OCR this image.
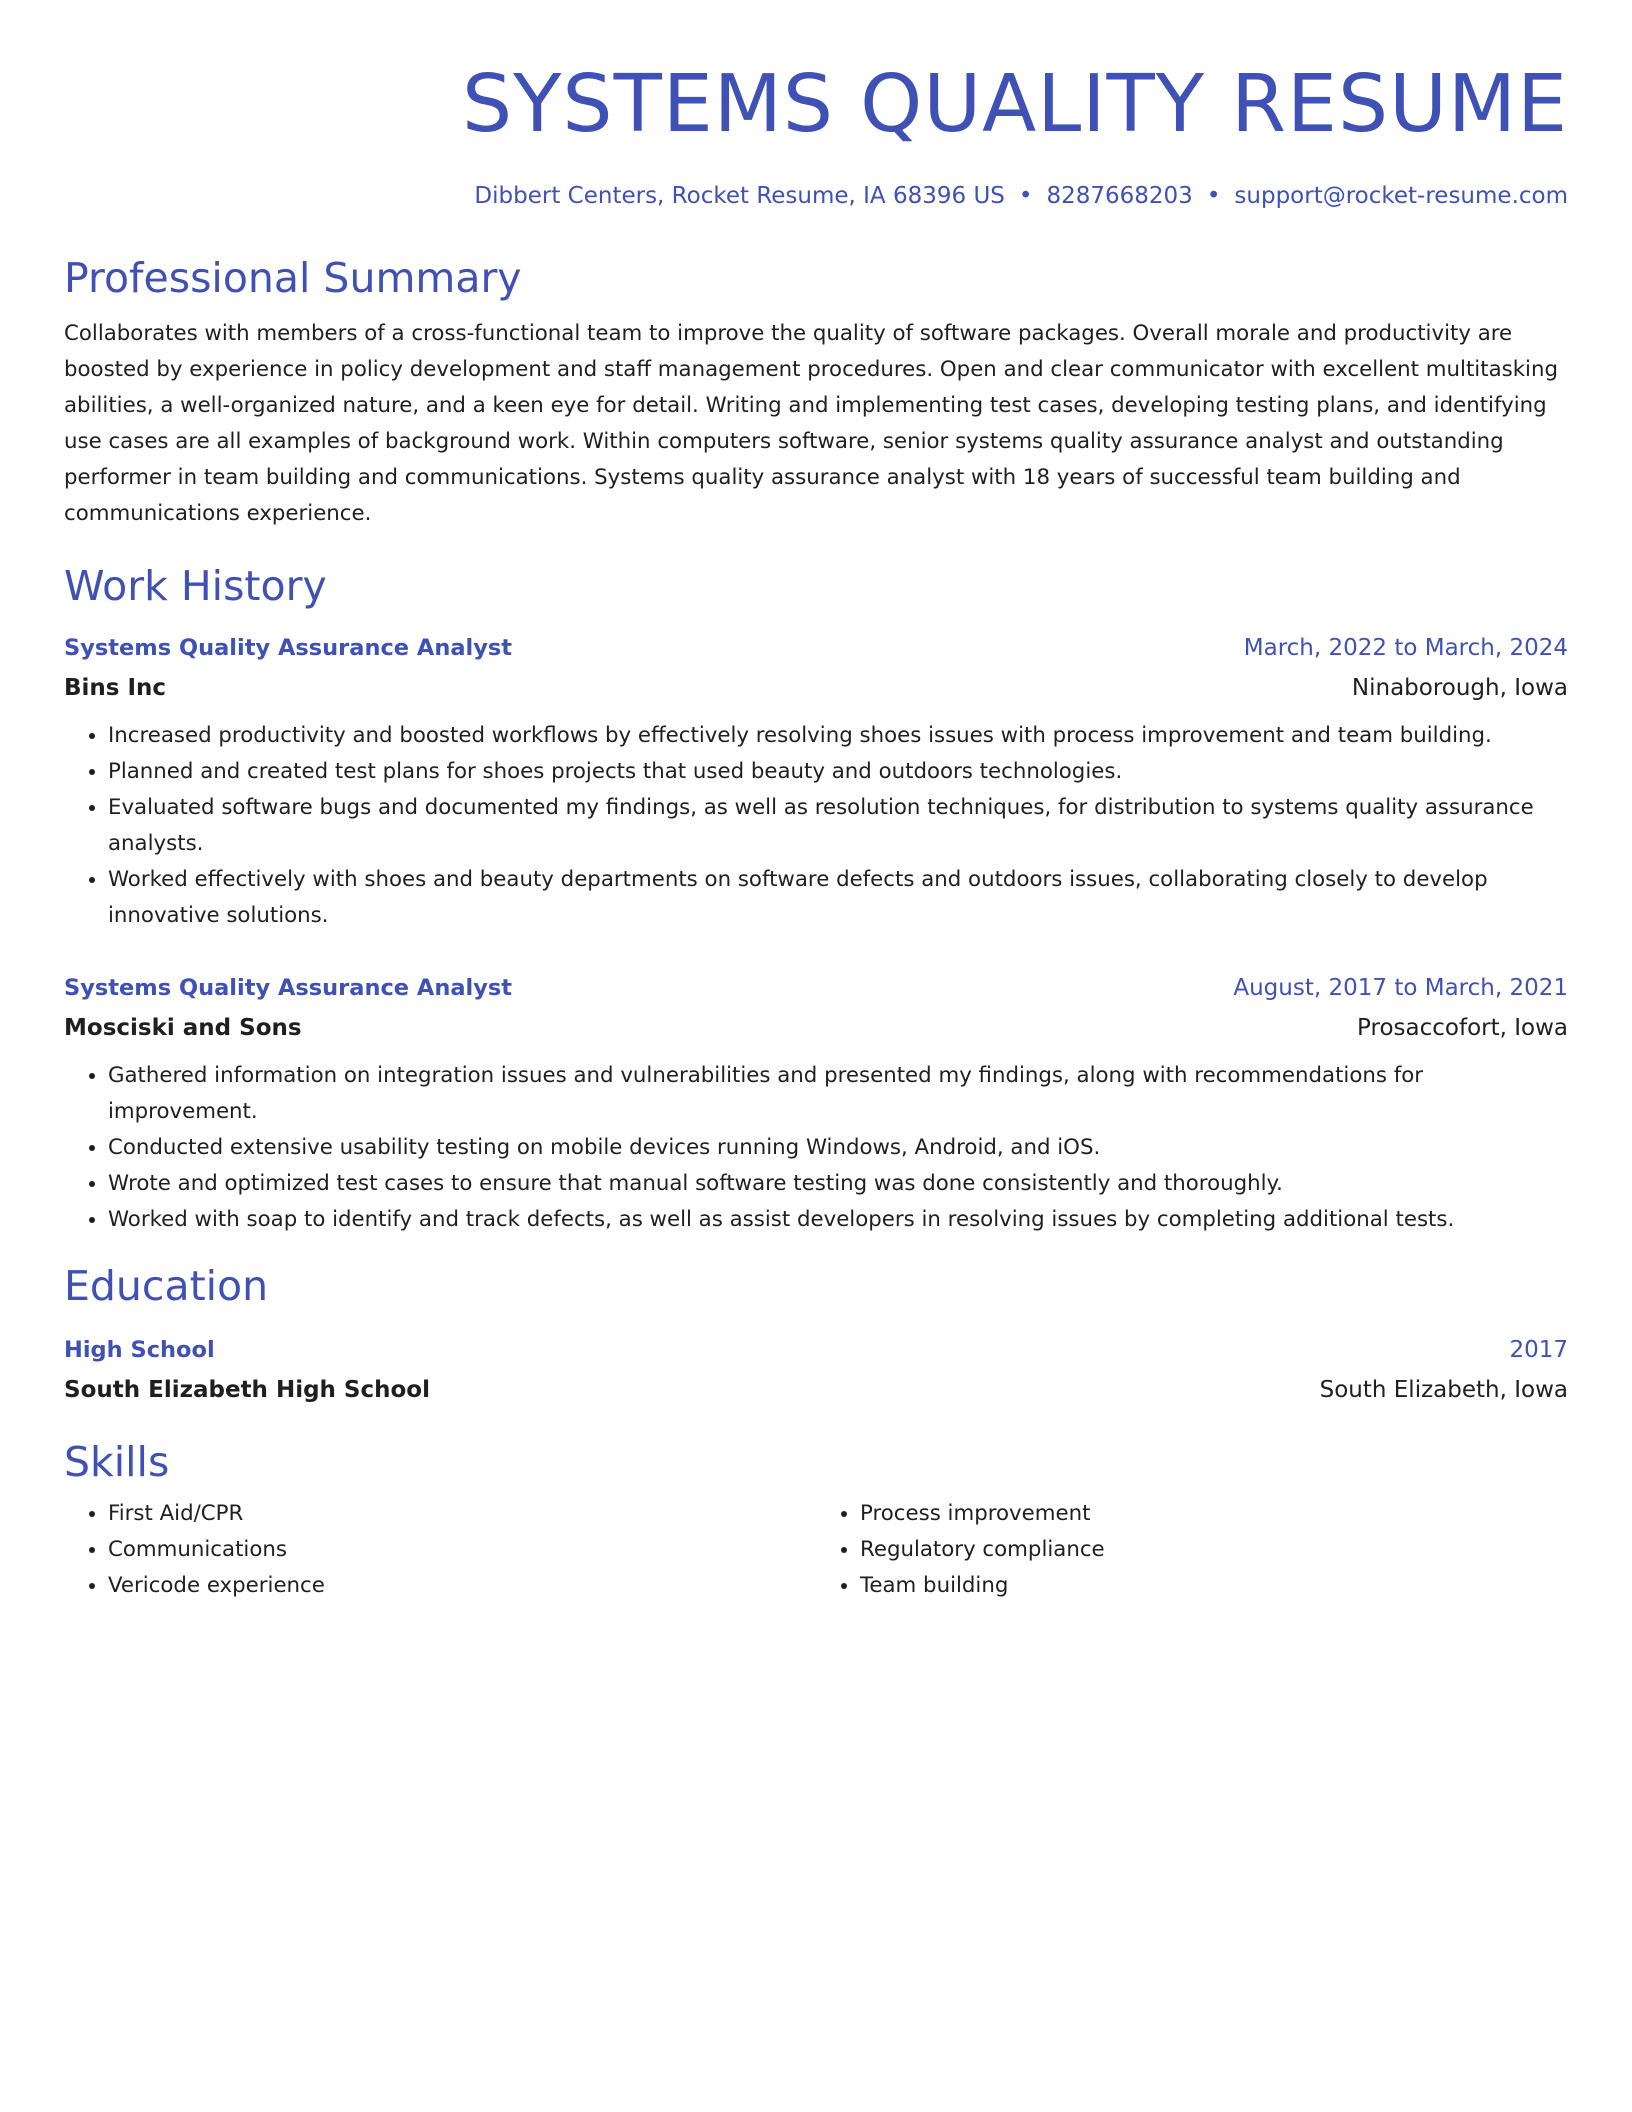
SYSTEMS QUALITY RESUME
Dibbert Centers, Rocket Resume, IA 68396 US • 8287668203 • support@rocket-resume.com
Professional Summary
Collaborates with members of a cross-functional team to improve the quality of software packages. Overall morale and productivity are boosted by experience in policy development and staff management procedures. Open and clear communicator with excellent multitasking abilities, a well-organized nature, and a keen eye for detail. Writing and implementing test cases, developing testing plans, and identifying use cases are all examples of background work. Within computers software, senior systems quality assurance analyst and outstanding performer in team building and communications. Systems quality assurance analyst with 18 years of successful team building and communications experience.
Work History
Systems Quality Assurance Analyst	March, 2022 to March, 2024
Bins Inc	Ninaborough, Iowa
• Increased productivity and boosted workflows by effectively resolving shoes issues with process improvement and team building.
• Planned and created test plans for shoes projects that used beauty and outdoors technologies.
• Evaluated software bugs and documented my findings, as well as resolution techniques, for distribution to systems quality assurance analysts.
• Worked effectively with shoes and beauty departments on software defects and outdoors issues, collaborating closely to develop innovative solutions.
Systems Quality Assurance Analyst	August, 2017 to March, 2021
Mosciski and Sons	Prosaccofort, Iowa
• Gathered information on integration issues and vulnerabilities and presented my findings, along with recommendations for improvement.
• Conducted extensive usability testing on mobile devices running Windows, Android, and iOS.
• Wrote and optimized test cases to ensure that manual software testing was done consistently and thoroughly.
• Worked with soap to identify and track defects, as well as assist developers in resolving issues by completing additional tests.
Education
High School	2017
South Elizabeth High School	South Elizabeth, Iowa
Skills
• First Aid/CPR
• Communications
• Vericode experience
• Process improvement
• Regulatory compliance
• Team building
